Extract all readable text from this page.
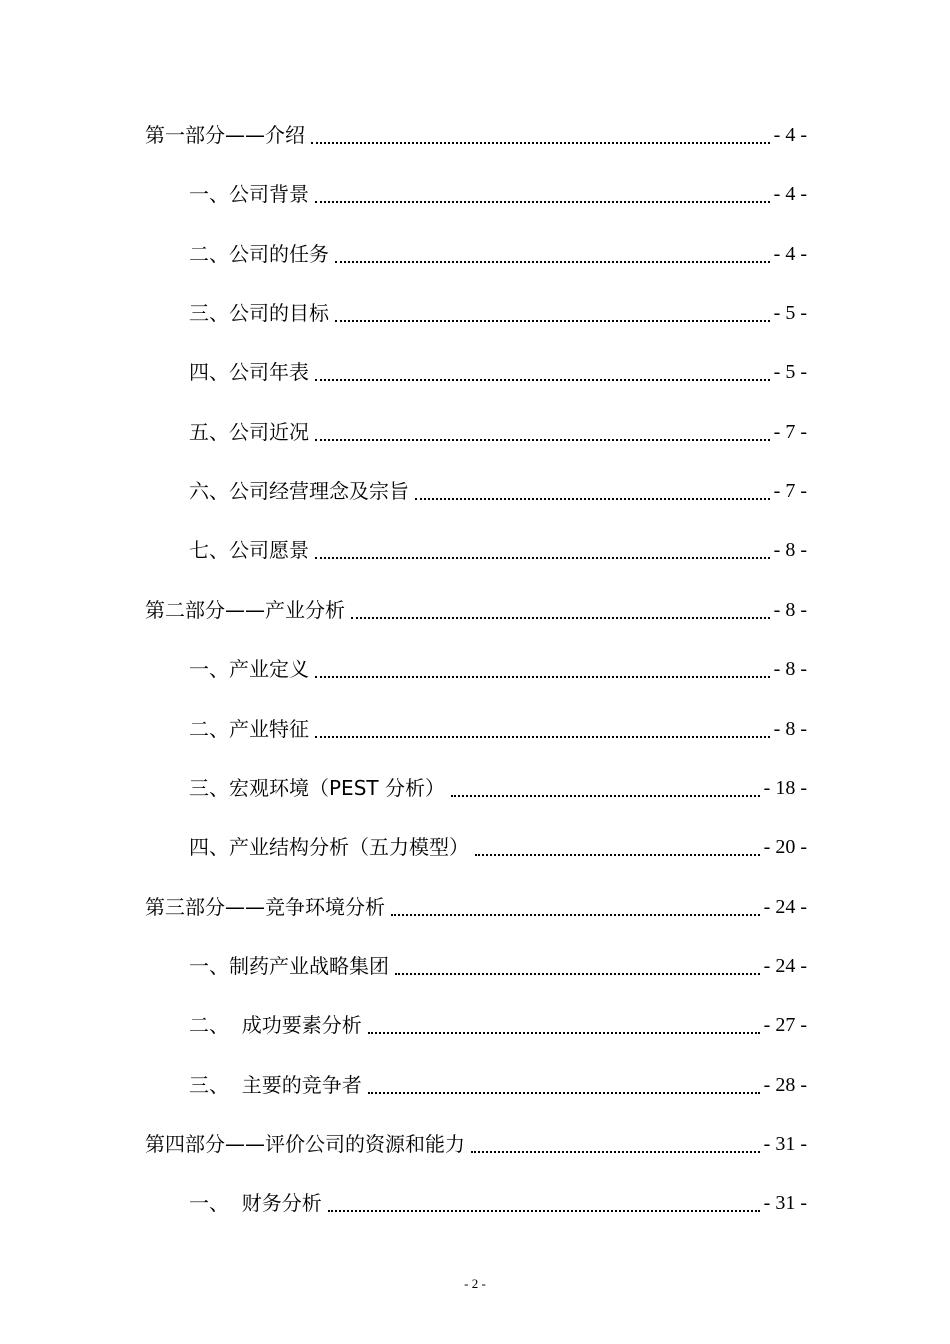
第一部分——介绍	- 4 -
一、公司背景	- 4 -
二、公司的任务	- 4 -
三、公司的目标	- 5 -
四、公司年表	- 5 -
五、公司近况	- 7 -
六、公司经营理念及宗旨	- 7 -
七、公司愿景	- 8 -
第二部分——产业分析	- 8 -
一、产业定义	- 8 -
二、产业特征	- 8 -
三、宏观环境（PEST 分析）	- 18 -
四、产业结构分析（五力模型）	- 20 -
第三部分——竞争环境分析	- 24 -
一、制药产业战略集团	- 24 -
二、  成功要素分析	- 27 -
三、  主要的竞争者	- 28 -
第四部分——评价公司的资源和能力	- 31 -
一、  财务分析	- 31 -
- 2 -
